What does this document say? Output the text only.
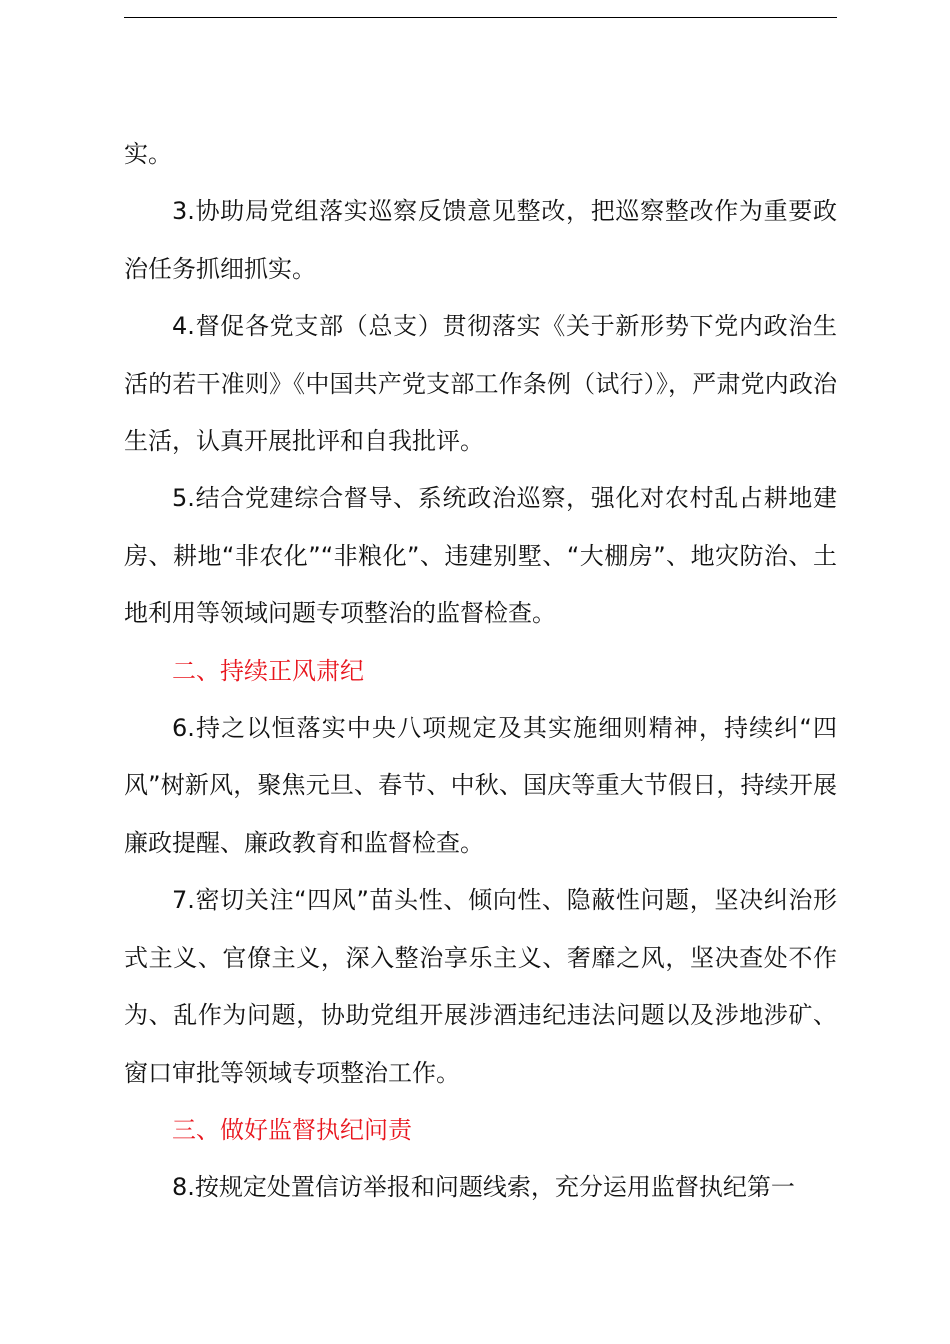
实。

3.协助局党组落实巡察反馈意见整改，把巡察整改作为重要政治任务抓细抓实。

4.督促各党支部（总支）贯彻落实《关于新形势下党内政治生活的若干准则》《中国共产党支部工作条例（试行）》，严肃党内政治生活，认真开展批评和自我批评。

5.结合党建综合督导、系统政治巡察，强化对农村乱占耕地建房、耕地“非农化”“非粮化”、违建别墅、“大棚房”、地灾防治、土地利用等领域问题专项整治的监督检查。

二、持续正风肃纪

6.持之以恒落实中央八项规定及其实施细则精神，持续纠“四风”树新风，聚焦元旦、春节、中秋、国庆等重大节假日，持续开展廉政提醒、廉政教育和监督检查。

7.密切关注“四风”苗头性、倾向性、隐蔽性问题，坚决纠治形式主义、官僚主义，深入整治享乐主义、奢靡之风，坚决查处不作为、乱作为问题，协助党组开展涉酒违纪违法问题以及涉地涉矿、窗口审批等领域专项整治工作。

三、做好监督执纪问责

8.按规定处置信访举报和问题线索，充分运用监督执纪第一
